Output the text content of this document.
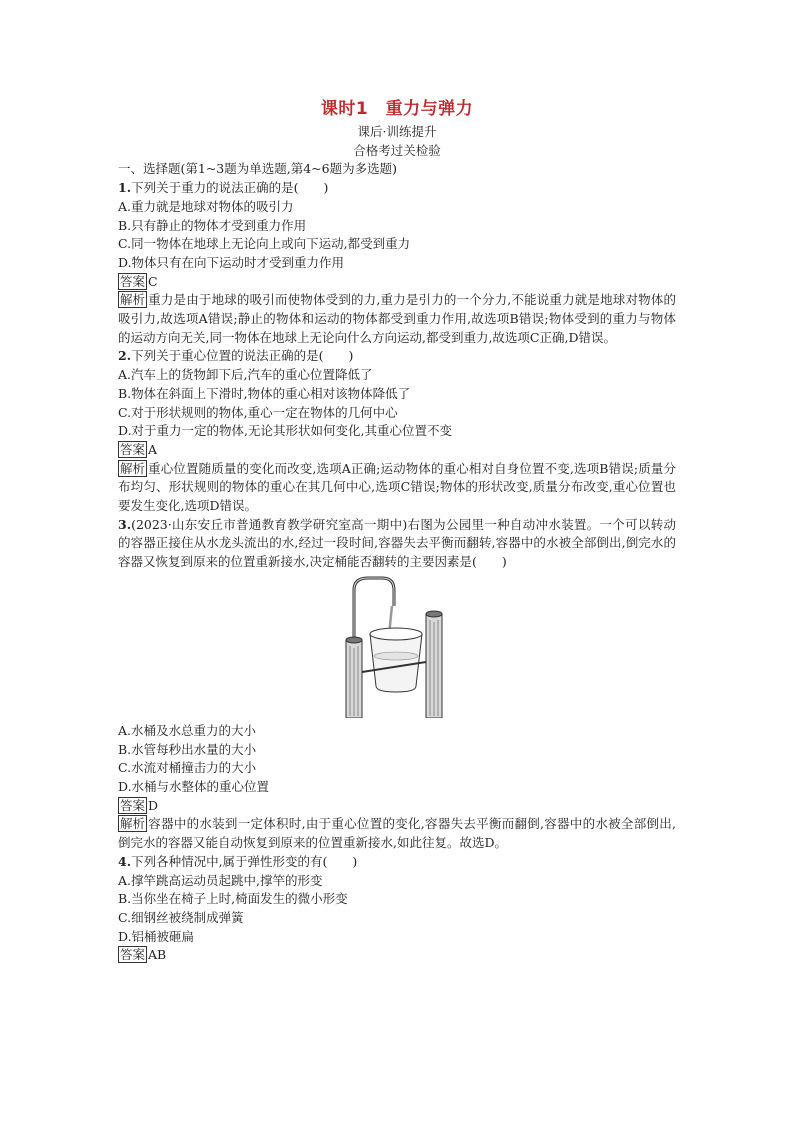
课时1　重力与弹力
课后·训练提升
合格考过关检验
一、选择题(第1~3题为单选题,第4~6题为多选题)
1.下列关于重力的说法正确的是(　　)
A.重力就是地球对物体的吸引力
B.只有静止的物体才受到重力作用
C.同一物体在地球上无论向上或向下运动,都受到重力
D.物体只有在向下运动时才受到重力作用
答案 C
解析 重力是由于地球的吸引而使物体受到的力,重力是引力的一个分力,不能说重力就是地球对物体的吸引力,故选项A错误;静止的物体和运动的物体都受到重力作用,故选项B错误;物体受到的重力与物体的运动方向无关,同一物体在地球上无论向什么方向运动,都受到重力,故选项C正确,D错误。
2.下列关于重心位置的说法正确的是(　　)
A.汽车上的货物卸下后,汽车的重心位置降低了
B.物体在斜面上下滑时,物体的重心相对该物体降低了
C.对于形状规则的物体,重心一定在物体的几何中心
D.对于重力一定的物体,无论其形状如何变化,其重心位置不变
答案 A
解析 重心位置随质量的变化而改变,选项A正确;运动物体的重心相对自身位置不变,选项B错误;质量分布均匀、形状规则的物体的重心在其几何中心,选项C错误;物体的形状改变,质量分布改变,重心位置也要发生变化,选项D错误。
3.(2023·山东安丘市普通教育教学研究室高一期中)右图为公园里一种自动冲水装置。一个可以转动的容器正接住从水龙头流出的水,经过一段时间,容器失去平衡而翻转,容器中的水被全部倒出,倒完水的容器又恢复到原来的位置重新接水,决定桶能否翻转的主要因素是(　　)
A.水桶及水总重力的大小
B.水管每秒出水量的大小
C.水流对桶撞击力的大小
D.水桶与水整体的重心位置
答案 D
解析 容器中的水装到一定体积时,由于重心位置的变化,容器失去平衡而翻倒,容器中的水被全部倒出,倒完水的容器又能自动恢复到原来的位置重新接水,如此往复。故选D。
4.下列各种情况中,属于弹性形变的有(　　)
A.撑竿跳高运动员起跳中,撑竿的形变
B.当你坐在椅子上时,椅面发生的微小形变
C.细钢丝被绕制成弹簧
D.铝桶被砸扁
答案 AB
